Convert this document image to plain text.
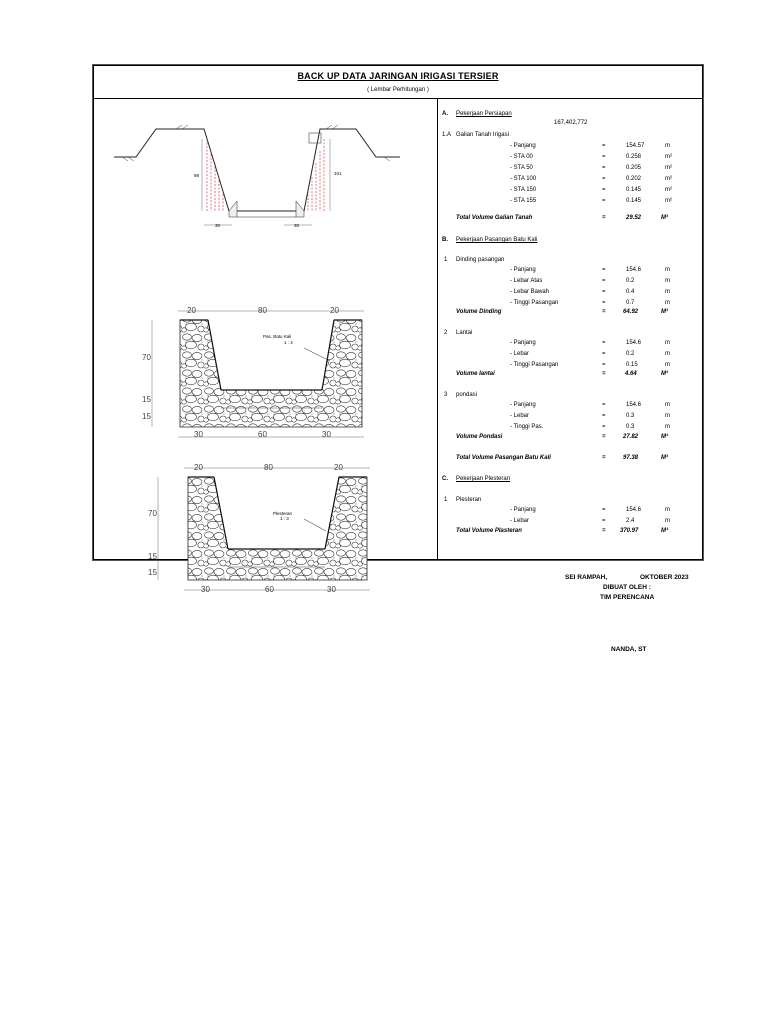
BACK UP DATA JARINGAN IRIGASI TERSIER
( Lembar Perhitungan )
98	101
30	30
20	80	20
70
15
15
30	60	30
Pas. Batu Kali
1 : 4
20	80	20
70
15
15
30	60	30
Plesteran
1 : 3
A. Pekerjaan Persiapan
167,402,772
1.A Galian Tanah Irigasi
- Panjang	=	154.57	m
- STA 00	=	0.258	m²
- STA 50	=	0.205	m²
- STA 100	=	0.202	m²
- STA 150	=	0.145	m²
- STA 155	=	0.145	m²
Total Volume Galian Tanah	=	29.52	M³
B. Pekerjaan Pasangan Batu Kali
1 Dinding pasangan
- Panjang	=	154.6	m
- Lebar Atas	=	0.2	m
- Lebar Bawah	=	0.4	m
- Tinggi Pasangan	=	0.7	m
Volume Dinding	=	64.92	M³
2 Lantai
- Panjang	=	154.6	m
- Lebar	=	0.2	m
- Tinggi Pasangan	=	0.15	m
Volume lantai	=	4.64	M³
3 pondasi
- Panjang	=	154.6	m
- Lebar	=	0.3	m
- Tinggi Pas.	=	0.3	m
Volume Pondasi	=	27.82	M³
Total Volume Pasangan Batu Kali	=	97.38	M³
C. Pekerjaan Plesteran
1 Plesteran
- Panjang	=	154.6	m
- Lebar	=	2.4	m
Total Volume Plasteran	= 370.97	M³
SEI RAMPAH,	OKTOBER 2023
DIBUAT OLEH :
TIM PERENCANA
NANDA, ST
